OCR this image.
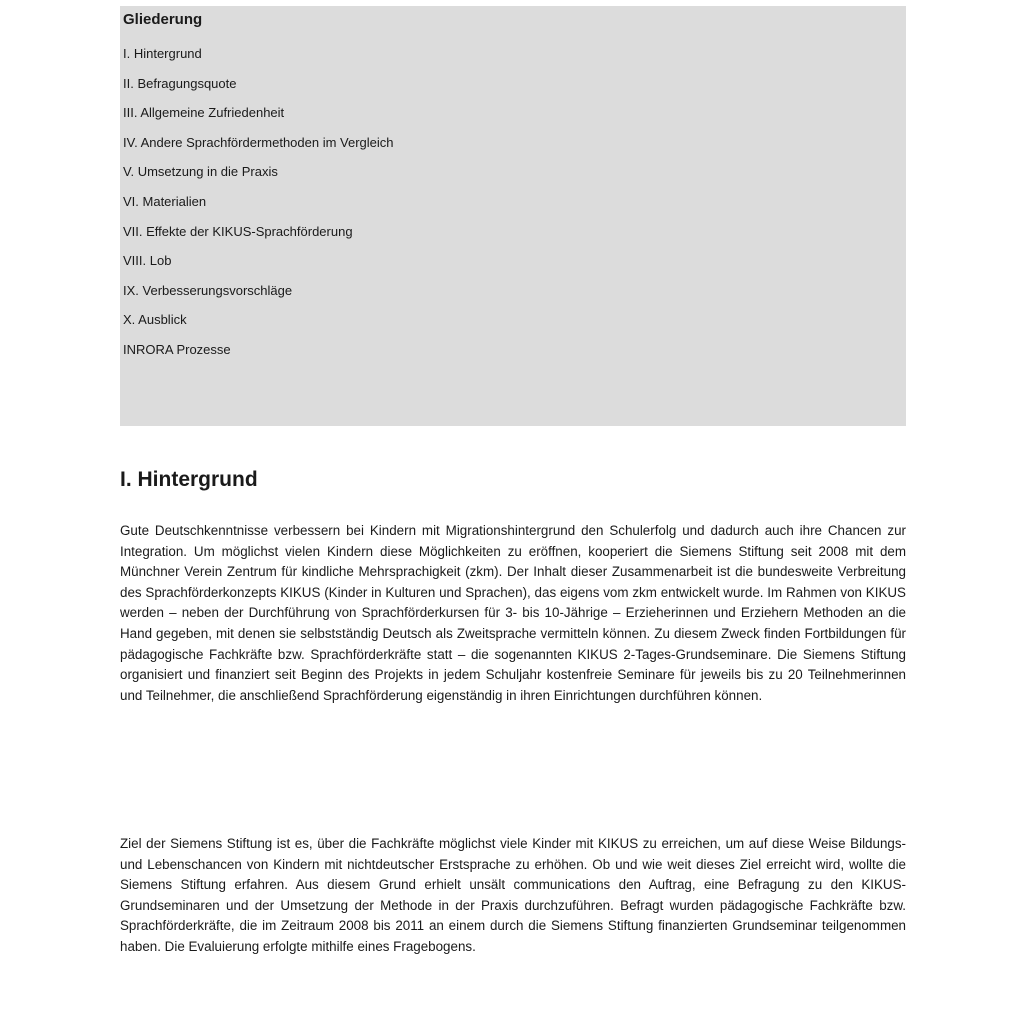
Gliederung
I. Hintergrund
II. Befragungsquote
III. Allgemeine Zufriedenheit
IV. Andere Sprachfördermethoden im Vergleich
V. Umsetzung in die Praxis
VI. Materialien
VII. Effekte der KIKUS-Sprachförderung
VIII. Lob
IX. Verbesserungsvorschläge
X. Ausblick
INRORA Prozesse
I. Hintergrund

Gute Deutschkenntnisse verbessern bei Kindern mit Migrationshintergrund den Schulerfolg und dadurch auch ihre Chancen zur Integration. Um möglichst vielen Kindern diese Möglichkeiten zu eröffnen, kooperiert die Siemens Stiftung seit 2008 mit dem Münchner Verein Zentrum für kindliche Mehrsprachigkeit (zkm). Der Inhalt dieser Zusammenarbeit ist die bundesweite Verbreitung des Sprachförderkonzepts KIKUS (Kinder in Kulturen und Sprachen), das eigens vom zkm entwickelt wurde. Im Rahmen von KIKUS werden – neben der Durchführung von Sprachförderkursen für 3- bis 10-Jährige – Erzieherinnen und Erziehern Methoden an die Hand gegeben, mit denen sie selbstständig Deutsch als Zweitsprache vermitteln können. Zu diesem Zweck finden Fortbildungen für pädagogische Fachkräfte bzw. Sprachförderkräfte statt – die sogenannten KIKUS 2-Tages-Grundseminare. Die Siemens Stiftung organisiert und finanziert seit Beginn des Projekts in jedem Schuljahr kostenfreie Seminare für jeweils bis zu 20 Teilnehmerinnen und Teilnehmer, die anschließend Sprachförderung eigenständig in ihren Einrichtungen durchführen können.

Ziel der Siemens Stiftung ist es, über die Fachkräfte möglichst viele Kinder mit KIKUS zu erreichen, um auf diese Weise Bildungs- und Lebenschancen von Kindern mit nichtdeutscher Erstsprache zu erhöhen. Ob und wie weit dieses Ziel erreicht wird, wollte die Siemens Stiftung erfahren. Aus diesem Grund erhielt unsält communications den Auftrag, eine Befragung zu den KIKUS-Grundseminaren und der Umsetzung der Methode in der Praxis durchzuführen. Befragt wurden pädagogische Fachkräfte bzw. Sprachförderkräfte, die im Zeitraum 2008 bis 2011 an einem durch die Siemens Stiftung finanzierten Grundseminar teilgenommen haben. Die Evaluierung erfolgte mithilfe eines Fragebogens.
